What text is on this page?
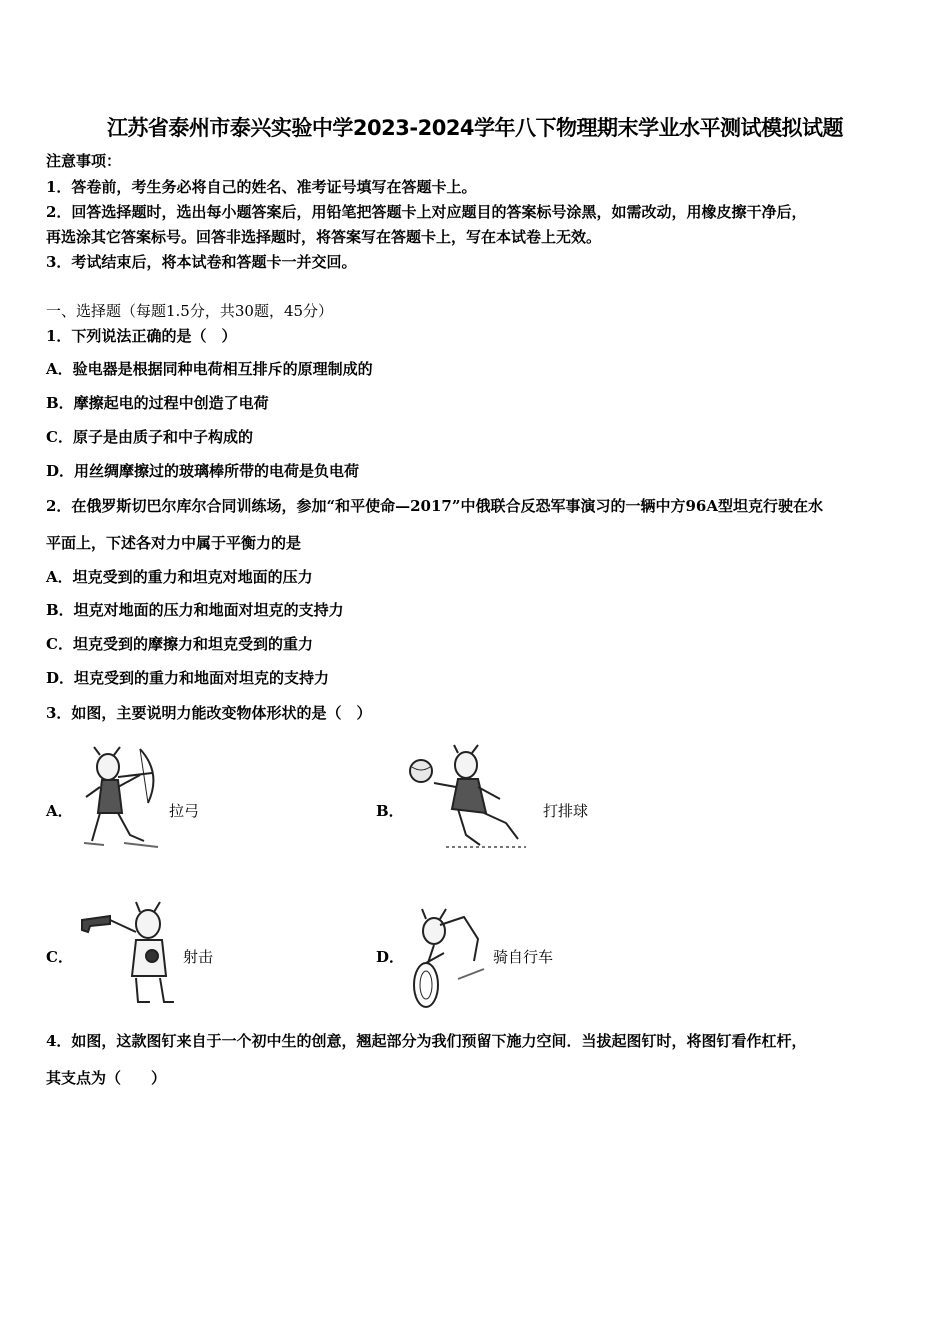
江苏省泰州市泰兴实验中学2023-2024学年八下物理期末学业水平测试模拟试题
注意事项：
1．答卷前，考生务必将自己的姓名、准考证号填写在答题卡上。
2．回答选择题时，选出每小题答案后，用铅笔把答题卡上对应题目的答案标号涂黑，如需改动，用橡皮擦干净后，
再选涂其它答案标号。回答非选择题时，将答案写在答题卡上，写在本试卷上无效。
3．考试结束后，将本试卷和答题卡一并交回。
一、选择题（每题1.5分，共30题，45分）
1．下列说法正确的是（　）
A．验电器是根据同种电荷相互排斥的原理制成的
B．摩擦起电的过程中创造了电荷
C．原子是由质子和中子构成的
D．用丝绸摩擦过的玻璃棒所带的电荷是负电荷
2．在俄罗斯切巴尔库尔合同训练场，参加“和平使命—2017”中俄联合反恐军事演习的一辆中方96A型坦克行驶在水
平面上，下述各对力中属于平衡力的是
A．坦克受到的重力和坦克对地面的压力
B．坦克对地面的压力和地面对坦克的支持力
C．坦克受到的摩擦力和坦克受到的重力
D．坦克受到的重力和地面对坦克的支持力
3．如图，主要说明力能改变物体形状的是（　）
A．	拉弓	B．	打排球
C．	射击	D．	骑自行车
4．如图，这款图钉来自于一个初中生的创意，翘起部分为我们预留下施力空间．当拔起图钉时，将图钉看作杠杆，
其支点为（　　）
